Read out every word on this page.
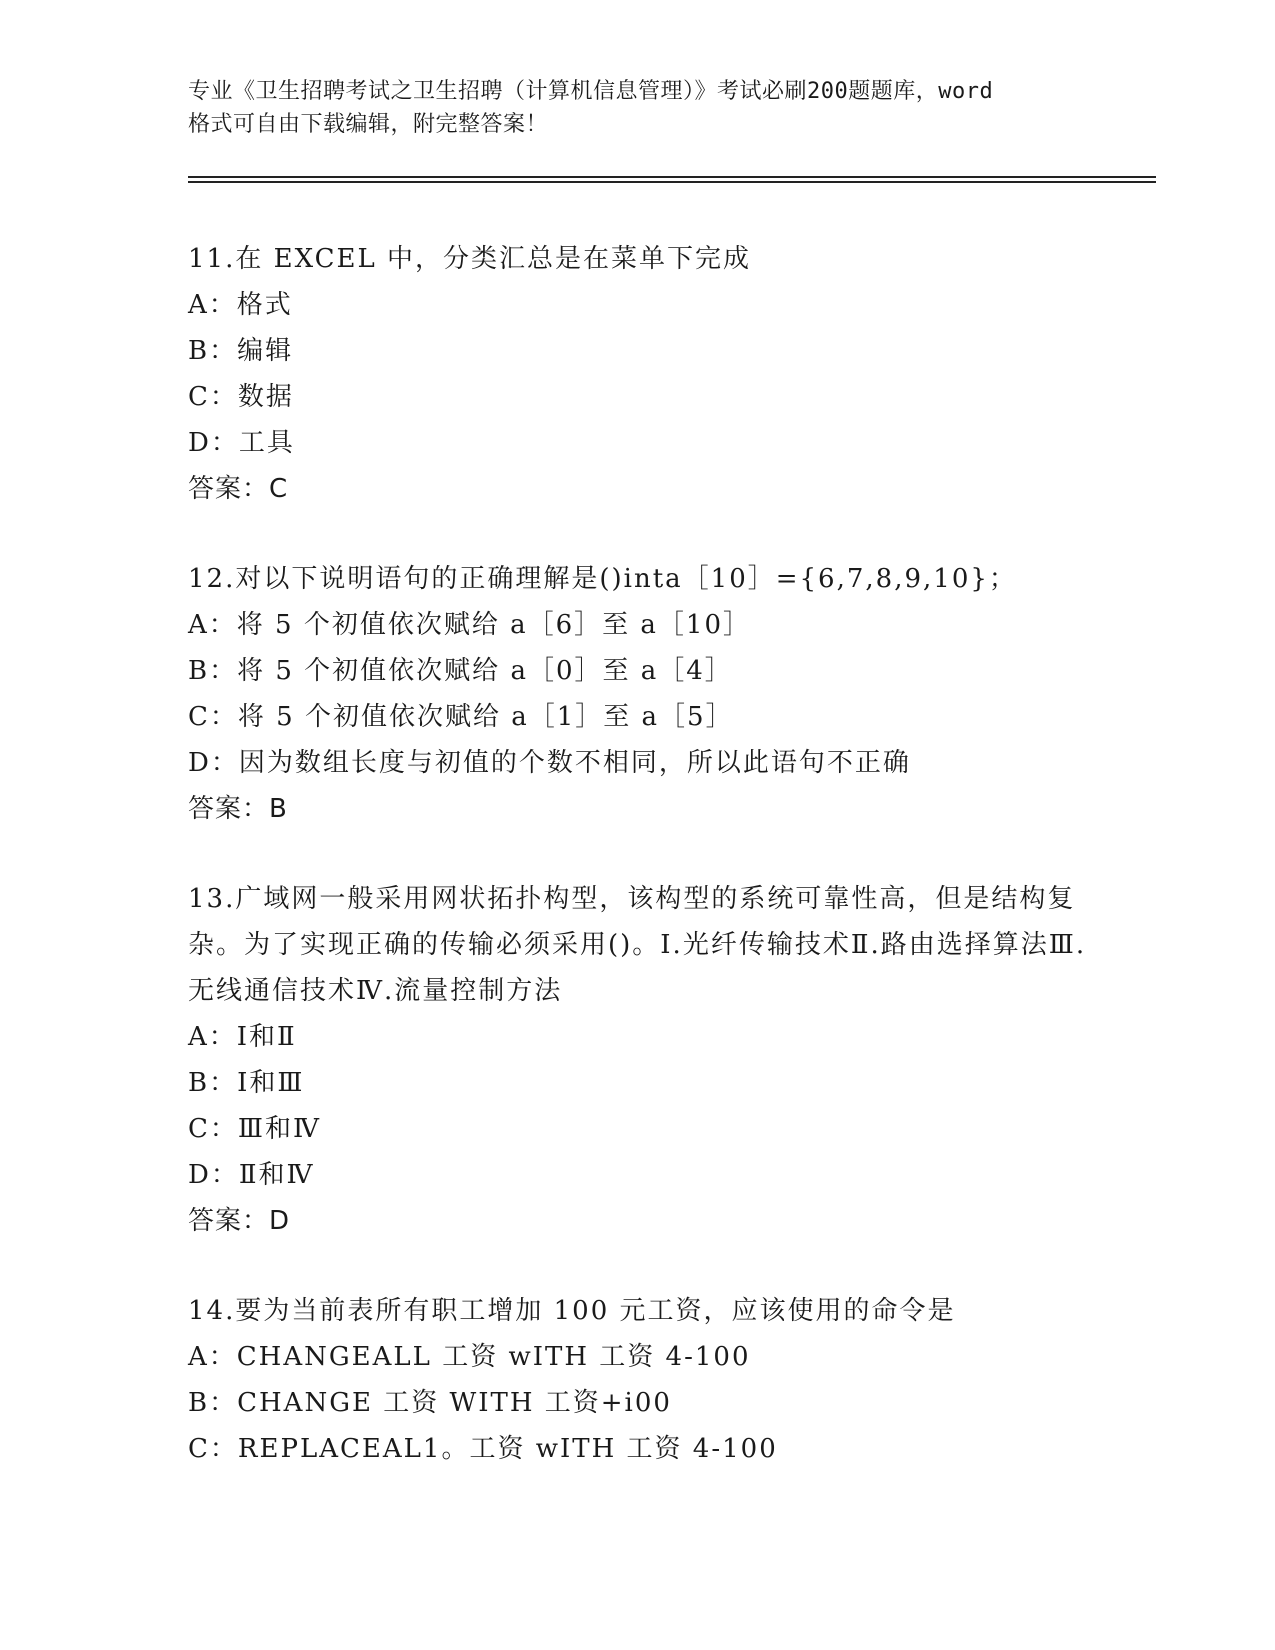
专业《卫生招聘考试之卫生招聘（计算机信息管理）》考试必刷200题题库，word
格式可自由下载编辑，附完整答案！
11.在 EXCEL 中，分类汇总是在菜单下完成
A：格式
B：编辑
C：数据
D：工具
答案：C
12.对以下说明语句的正确理解是()inta［10］={6,7,8,9,10}；
A：将 5 个初值依次赋给 a［6］至 a［10］
B：将 5 个初值依次赋给 a［0］至 a［4］
C：将 5 个初值依次赋给 a［1］至 a［5］
D：因为数组长度与初值的个数不相同，所以此语句不正确
答案：B
13.广域网一般采用网状拓扑构型，该构型的系统可靠性高，但是结构复杂。为了实现正确的传输必须采用()。Ⅰ.光纤传输技术Ⅱ.路由选择算法Ⅲ.无线通信技术Ⅳ.流量控制方法
A：Ⅰ和Ⅱ
B：Ⅰ和Ⅲ
C：Ⅲ和Ⅳ
D：Ⅱ和Ⅳ
答案：D
14.要为当前表所有职工增加 100 元工资，应该使用的命令是
A：CHANGEALL 工资 wITH 工资 4-100
B：CHANGE 工资 WITH 工资+i00
C：REPLACEAL1。工资 wITH 工资 4-100
